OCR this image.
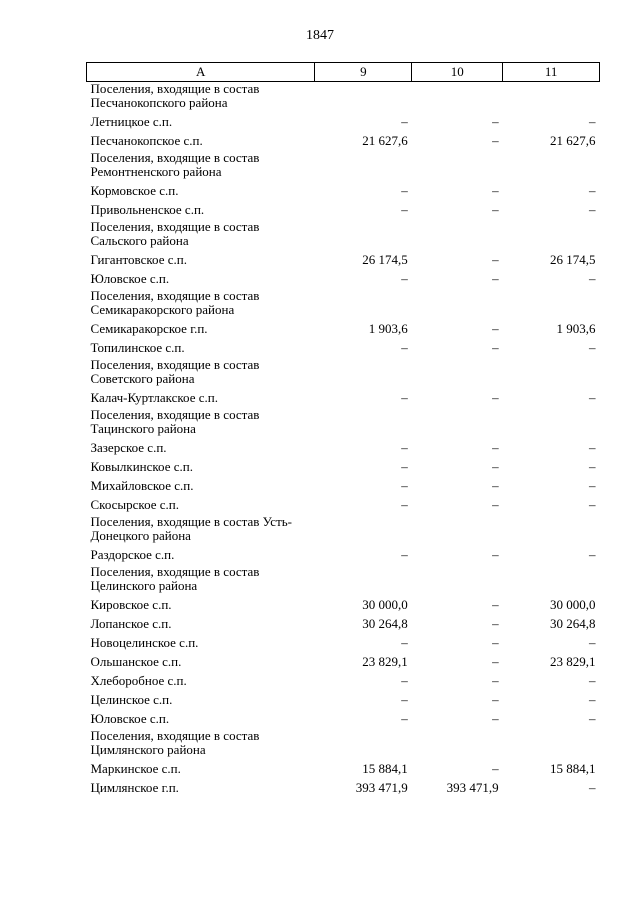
1847
А	9	10	11
Поселения, входящие в состав Песчанокопского района			
Летницкое с.п.	–	–	–
Песчанокопское с.п.	21 627,6	–	21 627,6
Поселения, входящие в состав Ремонтненского района			
Кормовское с.п.	–	–	–
Привольненское с.п.	–	–	–
Поселения, входящие в состав Сальского района			
Гигантовское с.п.	26 174,5	–	26 174,5
Юловское с.п.	–	–	–
Поселения, входящие в состав Семикаракорского района			
Семикаракорское г.п.	1 903,6	–	1 903,6
Топилинское с.п.	–	–	–
Поселения, входящие в состав Советского района			
Калач-Куртлакское с.п.	–	–	–
Поселения, входящие в состав Тацинского района			
Зазерское с.п.	–	–	–
Ковылкинское с.п.	–	–	–
Михайловское с.п.	–	–	–
Скосырское с.п.	–	–	–
Поселения, входящие в состав Усть-Донецкого района			
Раздорское с.п.	–	–	–
Поселения, входящие в состав Целинского района			
Кировское с.п.	30 000,0	–	30 000,0
Лопанское с.п.	30 264,8	–	30 264,8
Новоцелинское с.п.	–	–	–
Ольшанское с.п.	23 829,1	–	23 829,1
Хлеборобное с.п.	–	–	–
Целинское с.п.	–	–	–
Юловское с.п.	–	–	–
Поселения, входящие в состав Цимлянского района			
Маркинское с.п.	15 884,1	–	15 884,1
Цимлянское г.п.	393 471,9	393 471,9	–
